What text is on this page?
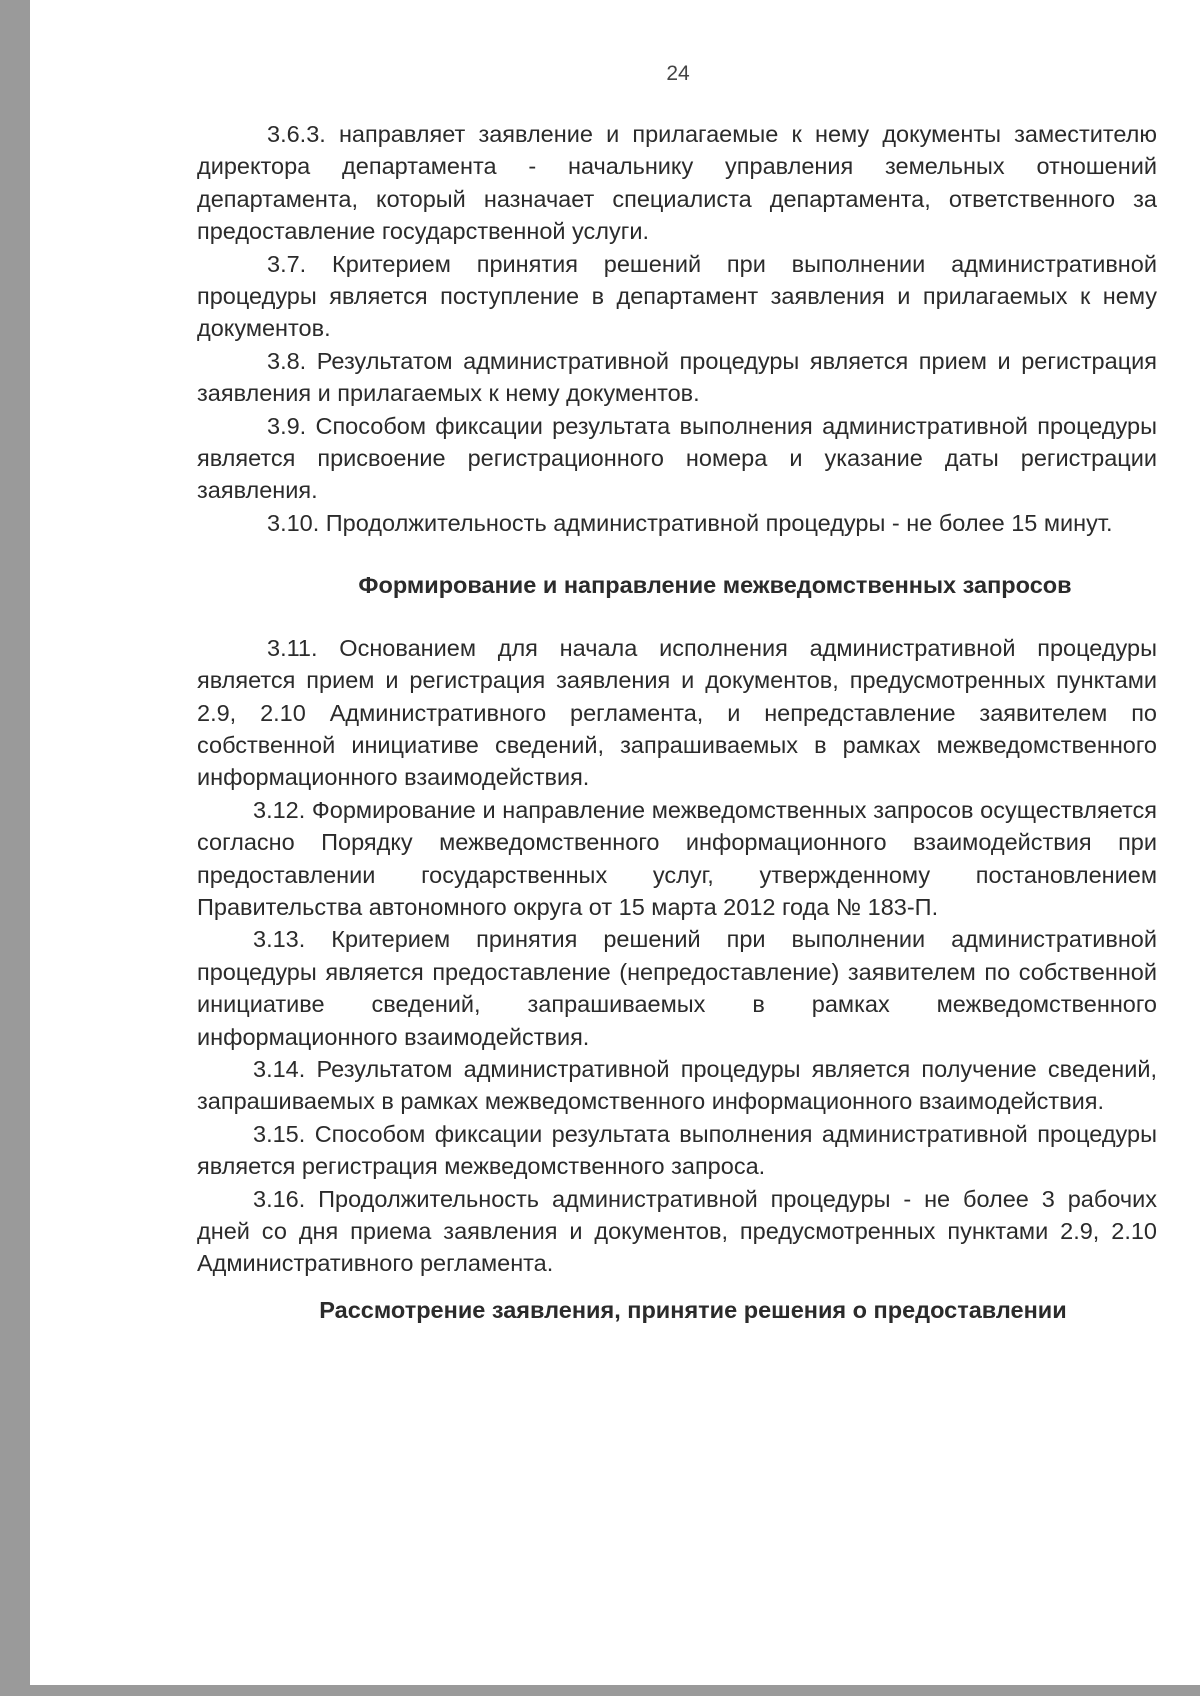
24

3.6.3. направляет заявление и прилагаемые к нему документы заместителю директора департамента - начальнику управления земельных отношений департамента, который назначает специалиста департамента, ответственного за предоставление государственной услуги.

3.7. Критерием принятия решений при выполнении административной процедуры является поступление в департамент заявления и прилагаемых к нему документов.

3.8. Результатом административной процедуры является прием и регистрация заявления и прилагаемых к нему документов.

3.9. Способом фиксации результата выполнения административной процедуры является присвоение регистрационного номера и указание даты регистрации заявления.

3.10. Продолжительность административной процедуры - не более 15 минут.

Формирование и направление межведомственных запросов

3.11. Основанием для начала исполнения административной процедуры является прием и регистрация заявления и документов, предусмотренных пунктами 2.9, 2.10 Административного регламента, и непредставление заявителем по собственной инициативе сведений, запрашиваемых в рамках межведомственного информационного взаимодействия.

3.12. Формирование и направление межведомственных запросов осуществляется согласно Порядку межведомственного информационного взаимодействия при предоставлении государственных услуг, утвержденному постановлением Правительства автономного округа от 15 марта 2012 года № 183-П.

3.13. Критерием принятия решений при выполнении административной процедуры является предоставление (непредоставление) заявителем по собственной инициативе сведений, запрашиваемых в рамках межведомственного информационного взаимодействия.

3.14. Результатом административной процедуры является получение сведений, запрашиваемых в рамках межведомственного информационного взаимодействия.

3.15. Способом фиксации результата выполнения административной процедуры является регистрация межведомственного запроса.

3.16. Продолжительность административной процедуры - не более 3 рабочих дней со дня приема заявления и документов, предусмотренных пунктами 2.9, 2.10 Административного регламента.

Рассмотрение заявления, принятие решения о предоставлении
